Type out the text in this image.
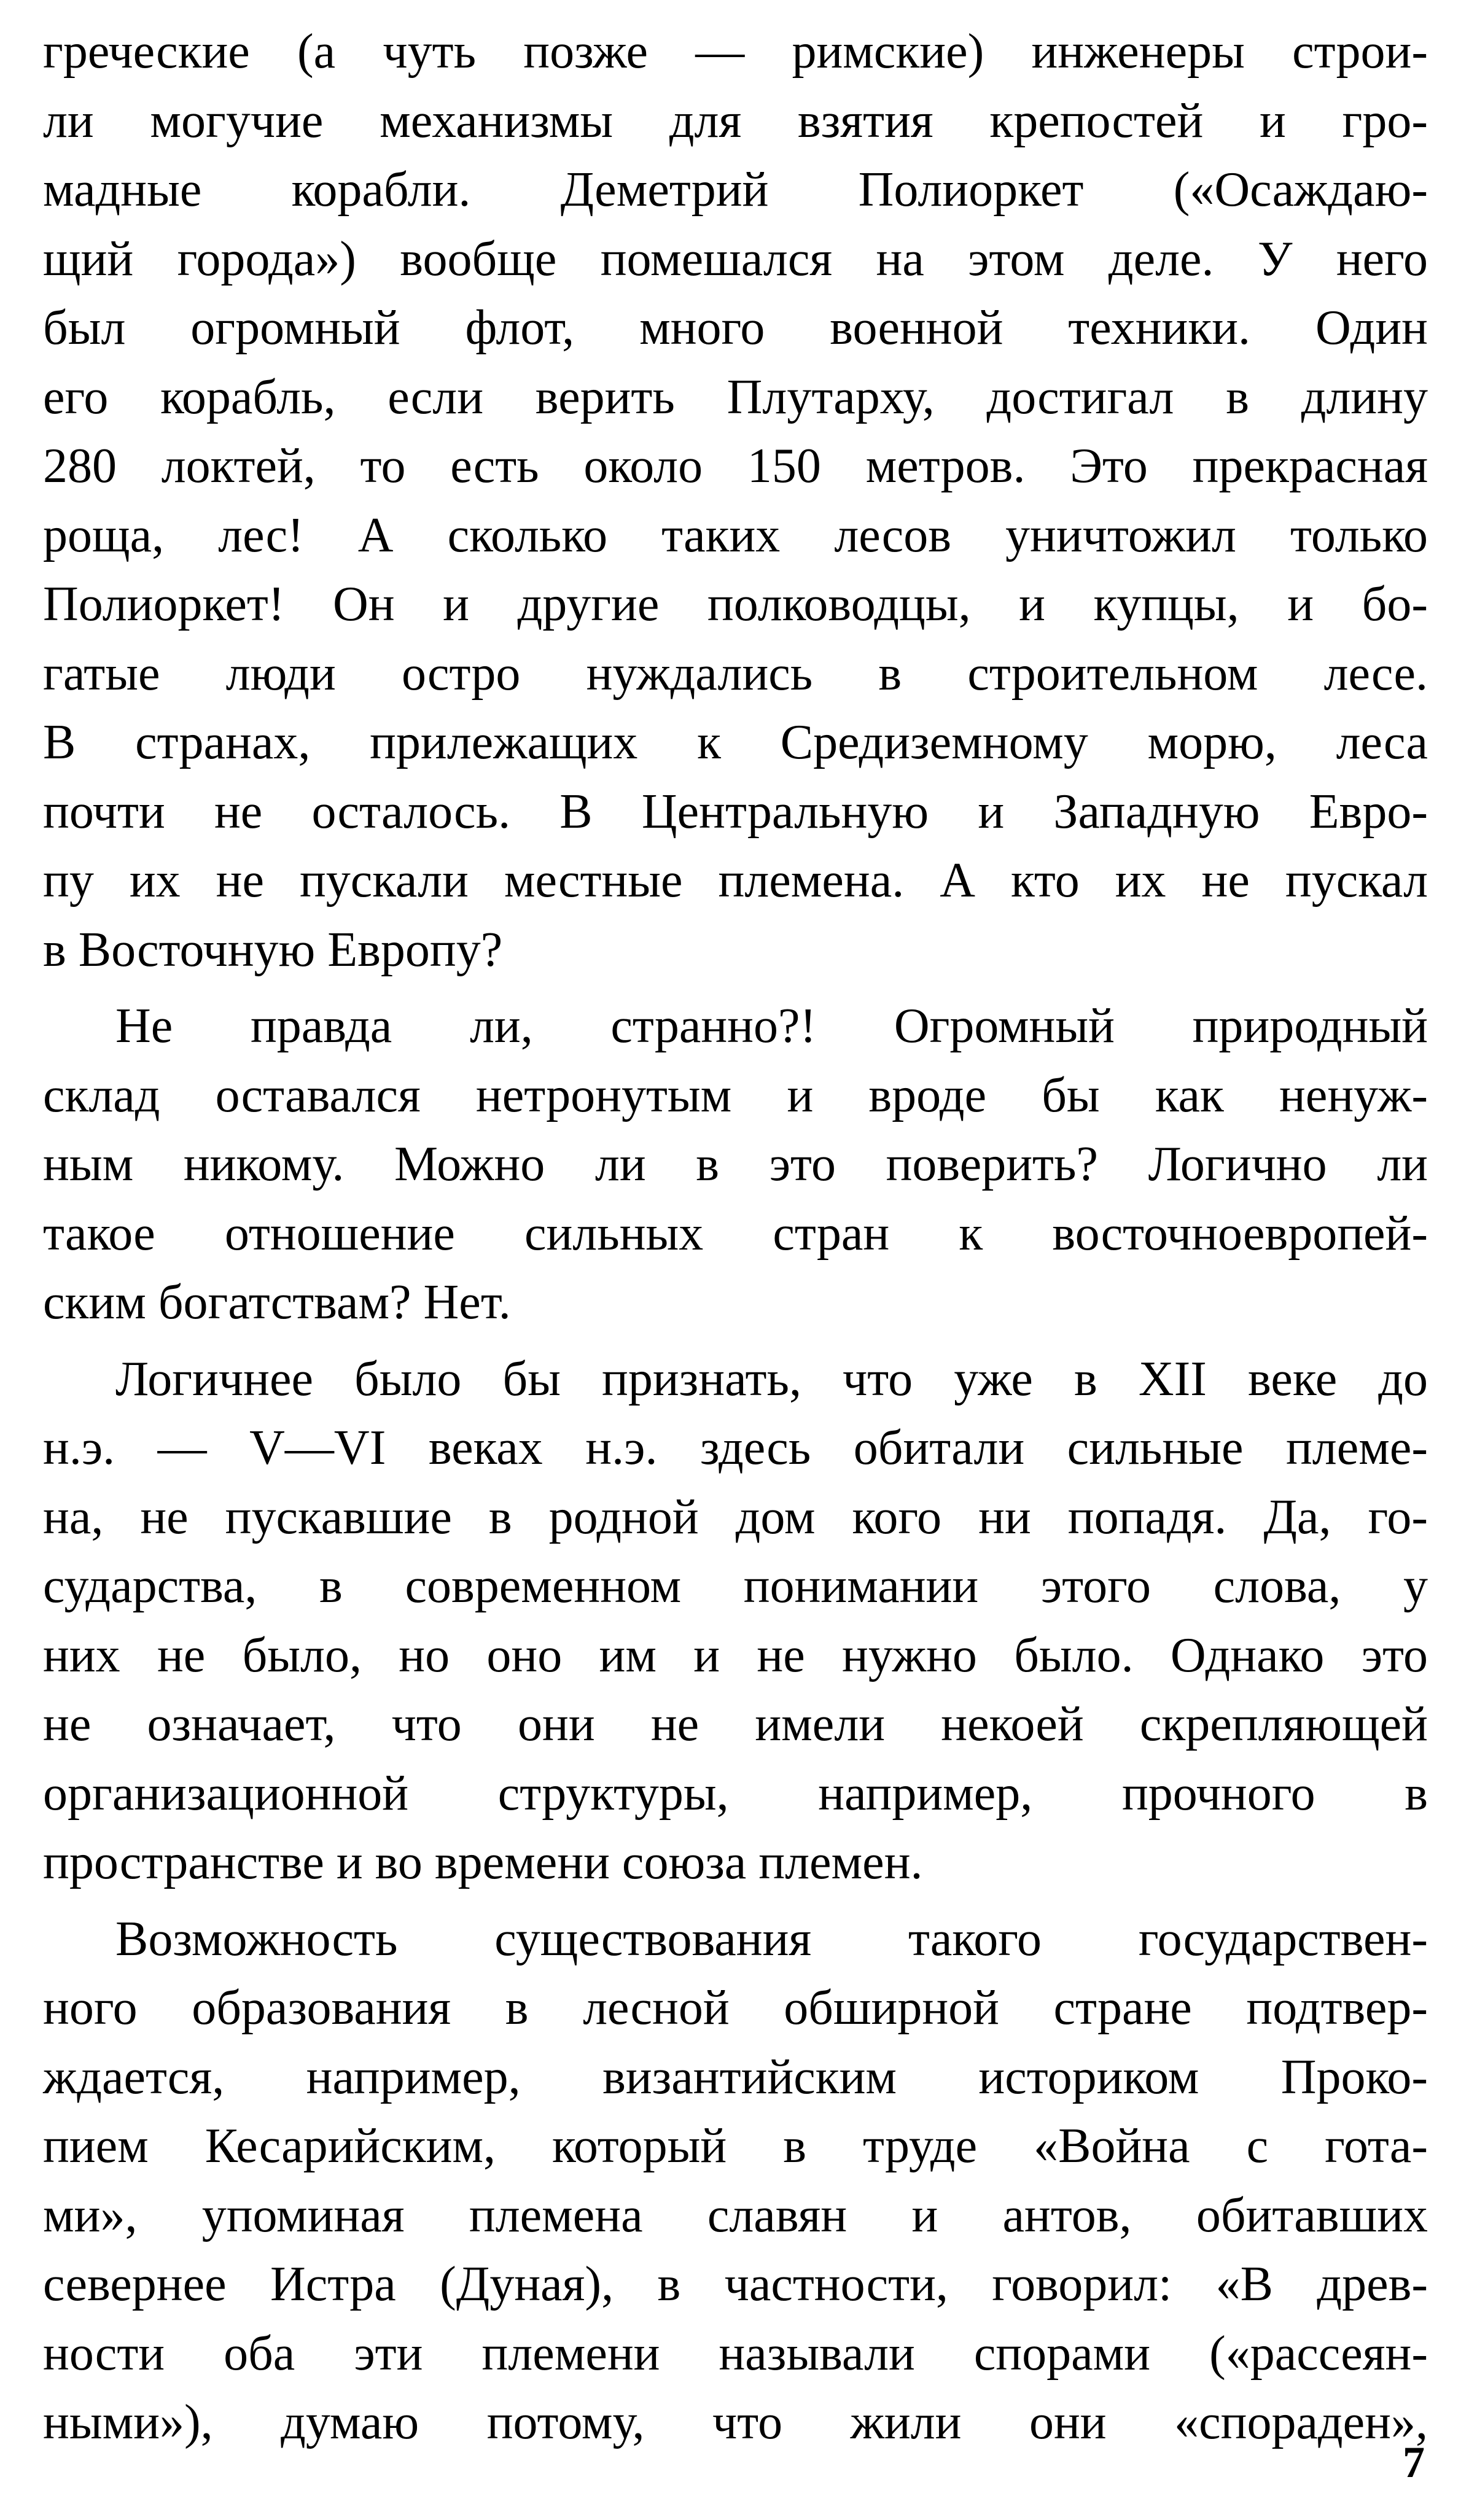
греческие (а чуть позже — римские) инженеры строи-
ли могучие механизмы для взятия крепостей и гро-
мадные корабли. Деметрий Полиоркет («Осаждаю-
щий города») вообще помешался на этом деле. У него
был огромный флот, много военной техники. Один
его корабль, если верить Плутарху, достигал в длину
280 локтей, то есть около 150 метров. Это прекрасная
роща, лес! А сколько таких лесов уничтожил только
Полиоркет! Он и другие полководцы, и купцы, и бо-
гатые люди остро нуждались в строительном лесе.
В странах, прилежащих к Средиземному морю, леса
почти не осталось. В Центральную и Западную Евро-
пу их не пускали местные племена. А кто их не пускал
в Восточную Европу?
Не правда ли, странно?! Огромный природный
склад оставался нетронутым и вроде бы как ненуж-
ным никому. Можно ли в это поверить? Логично ли
такое отношение сильных стран к восточноевропей-
ским богатствам? Нет.
Логичнее было бы признать, что уже в XII веке до
н.э. — V—VI веках н.э. здесь обитали сильные племе-
на, не пускавшие в родной дом кого ни попадя. Да, го-
сударства, в современном понимании этого слова, у
них не было, но оно им и не нужно было. Однако это
не означает, что они не имели некоей скрепляющей
организационной структуры, например, прочного в
пространстве и во времени союза племен.
Возможность существования такого государствен-
ного образования в лесной обширной стране подтвер-
ждается, например, византийским историком Проко-
пием Кесарийским, который в труде «Война с гота-
ми», упоминая племена славян и антов, обитавших
севернее Истра (Дуная), в частности, говорил: «В древ-
ности оба эти племени называли спорами («рассеян-
ными»), думаю потому, что жили они «спораден»,
7
